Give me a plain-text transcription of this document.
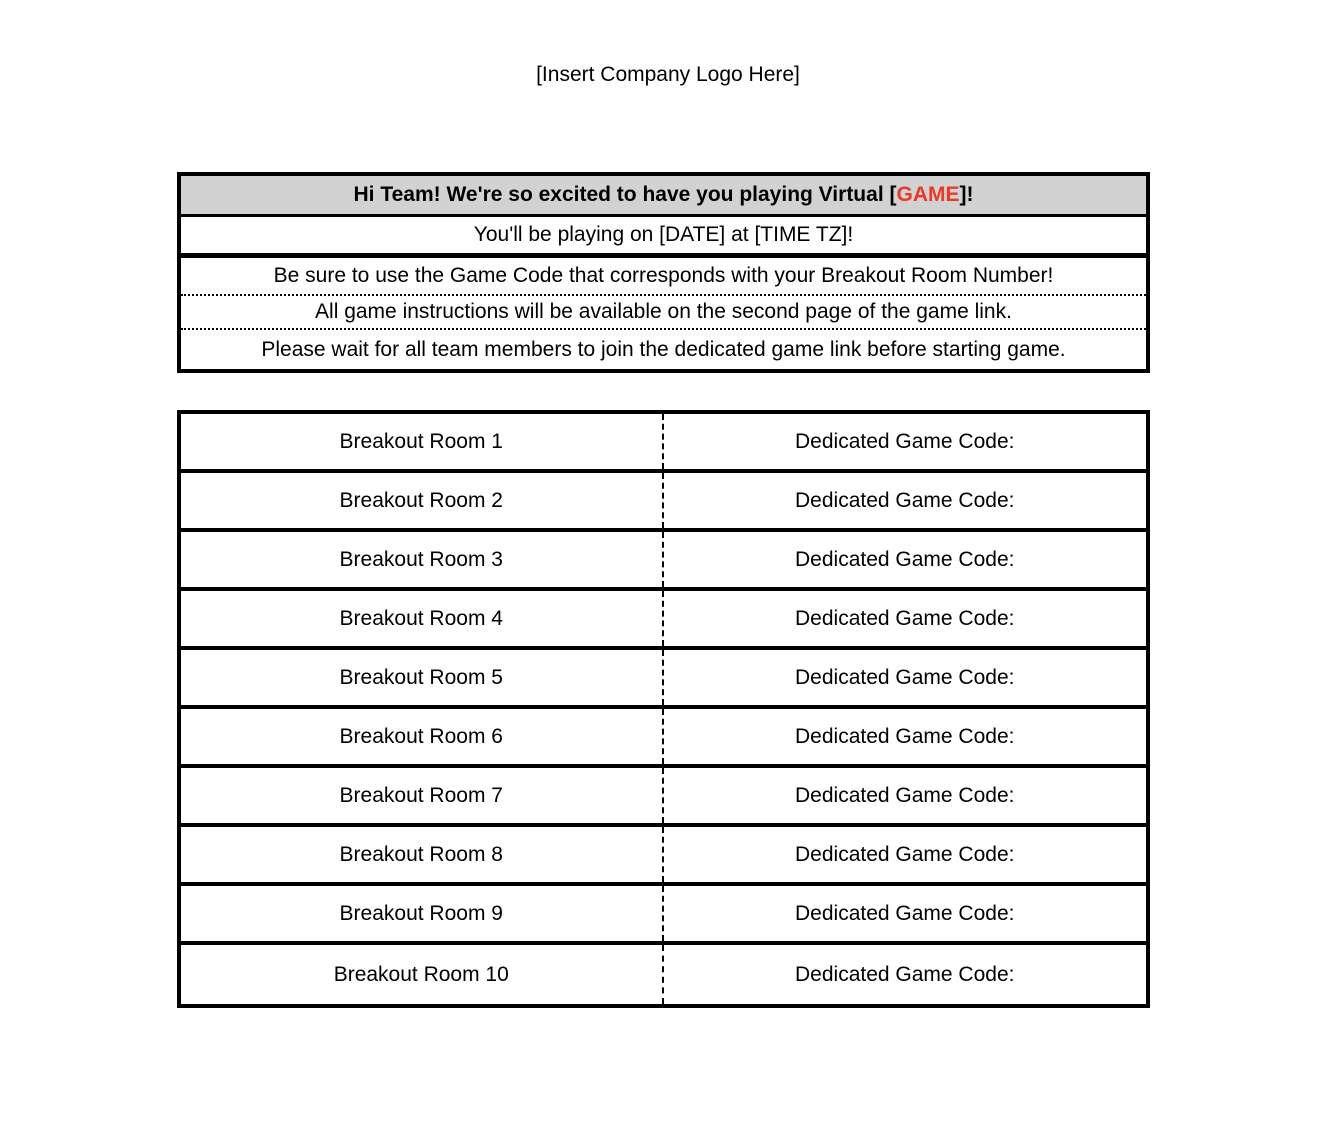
[Insert Company Logo Here]
Hi Team! We're so excited to have you playing Virtual [GAME]!
You'll be playing on [DATE] at [TIME TZ]!
Be sure to use the Game Code that corresponds with your Breakout Room Number!
All game instructions will be available on the second page of the game link.
Please wait for all team members to join the dedicated game link before starting game.
Breakout Room 1	Dedicated Game Code:
Breakout Room 2	Dedicated Game Code:
Breakout Room 3	Dedicated Game Code:
Breakout Room 4	Dedicated Game Code:
Breakout Room 5	Dedicated Game Code:
Breakout Room 6	Dedicated Game Code:
Breakout Room 7	Dedicated Game Code:
Breakout Room 8	Dedicated Game Code:
Breakout Room 9	Dedicated Game Code:
Breakout Room 10	Dedicated Game Code:
